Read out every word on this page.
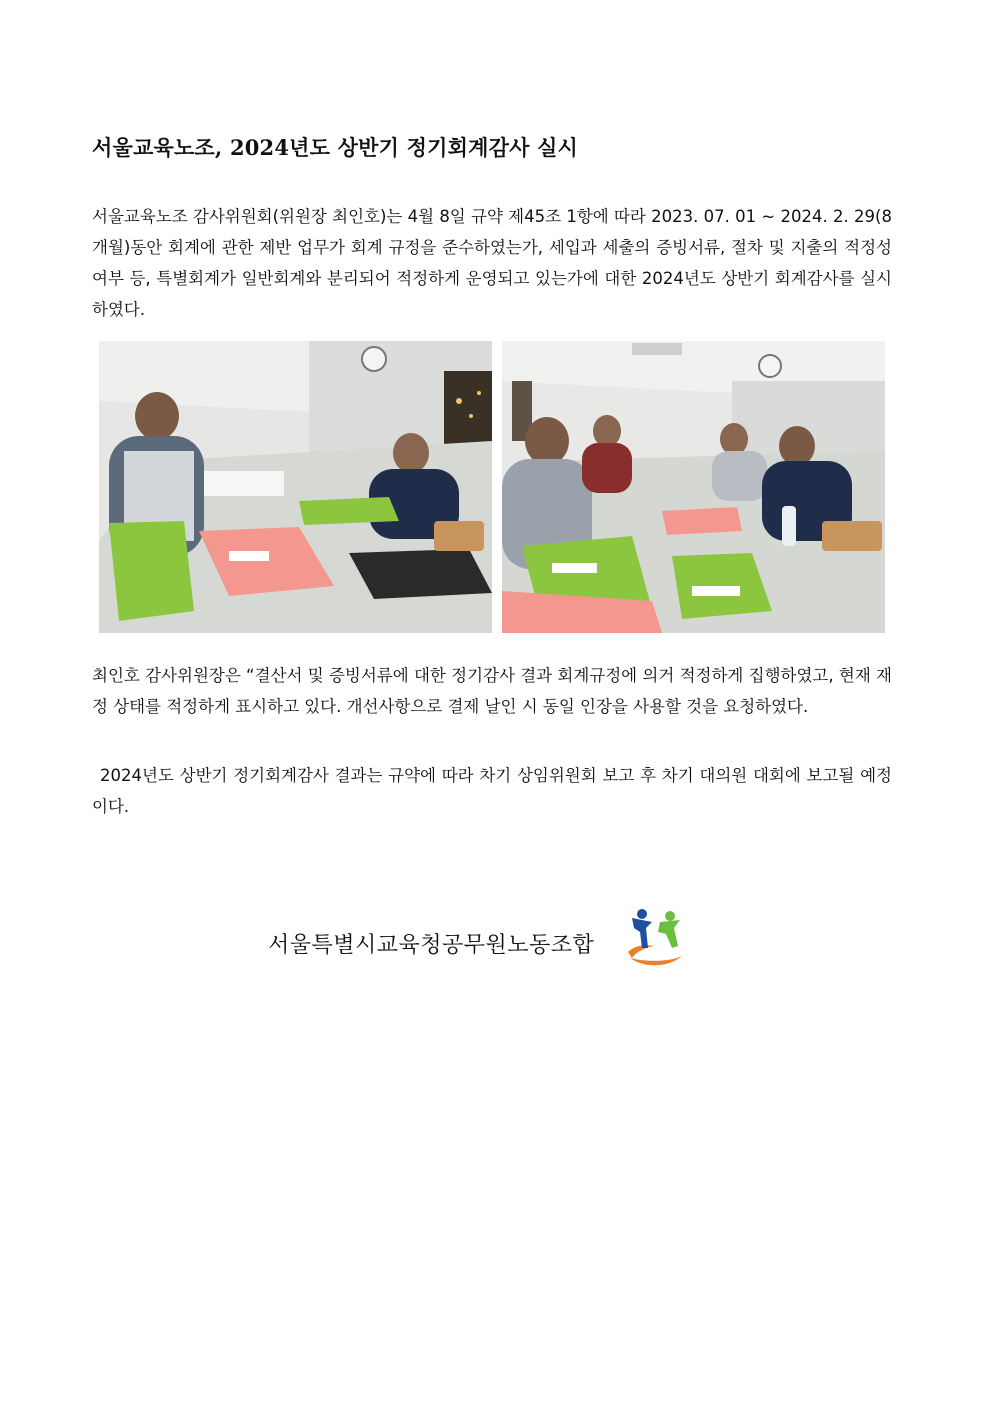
서울교육노조, 2024년도 상반기 정기회계감사 실시
서울교육노조 감사위원회(위원장 최인호)는 4월 8일 규약 제45조 1항에 따라 2023. 07. 01 ~ 2024. 2. 29(8개월)동안 회계에 관한 제반 업무가 회계 규정을 준수하였는가, 세입과 세출의 증빙서류, 절차 및 지출의 적정성 여부 등, 특별회계가 일반회계와 분리되어 적정하게 운영되고 있는가에 대한 2024년도 상반기 회계감사를 실시하였다.
최인호 감사위원장은 “결산서 및 증빙서류에 대한 정기감사 결과 회계규정에 의거 적정하게 집행하였고, 현재 재정 상태를 적정하게 표시하고 있다. 개선사항으로 결제 날인 시 동일 인장을 사용할 것을 요청하였다.
2024년도 상반기 정기회계감사 결과는 규약에 따라 차기 상임위원회 보고 후 차기 대의원 대회에 보고될 예정이다.
서울특별시교육청공무원노동조합
